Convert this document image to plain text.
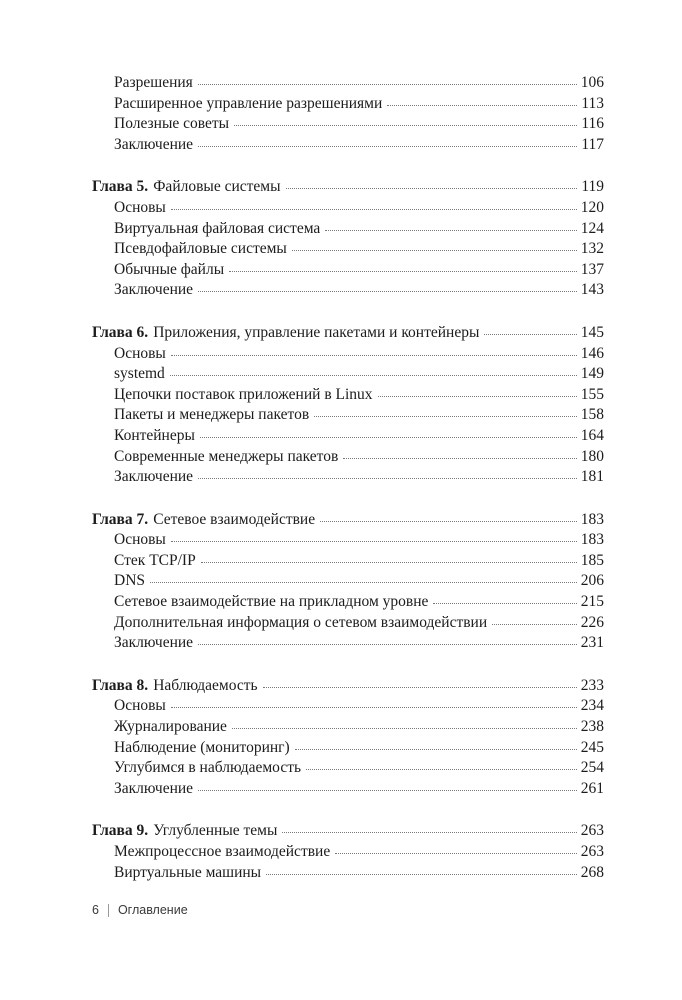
Разрешения	106
Расширенное управление разрешениями	113
Полезные советы	116
Заключение	117
Глава 5. Файловые системы	119
Основы	120
Виртуальная файловая система	124
Псевдофайловые системы	132
Обычные файлы	137
Заключение	143
Глава 6. Приложения, управление пакетами и контейнеры	145
Основы	146
systemd	149
Цепочки поставок приложений в Linux	155
Пакеты и менеджеры пакетов	158
Контейнеры	164
Современные менеджеры пакетов	180
Заключение	181
Глава 7. Сетевое взаимодействие	183
Основы	183
Стек TCP/IP	185
DNS	206
Сетевое взаимодействие на прикладном уровне	215
Дополнительная информация о сетевом взаимодействии	226
Заключение	231
Глава 8. Наблюдаемость	233
Основы	234
Журналирование	238
Наблюдение (мониторинг)	245
Углубимся в наблюдаемость	254
Заключение	261
Глава 9. Углубленные темы	263
Межпроцессное взаимодействие	263
Виртуальные машины	268
6 Оглавление
